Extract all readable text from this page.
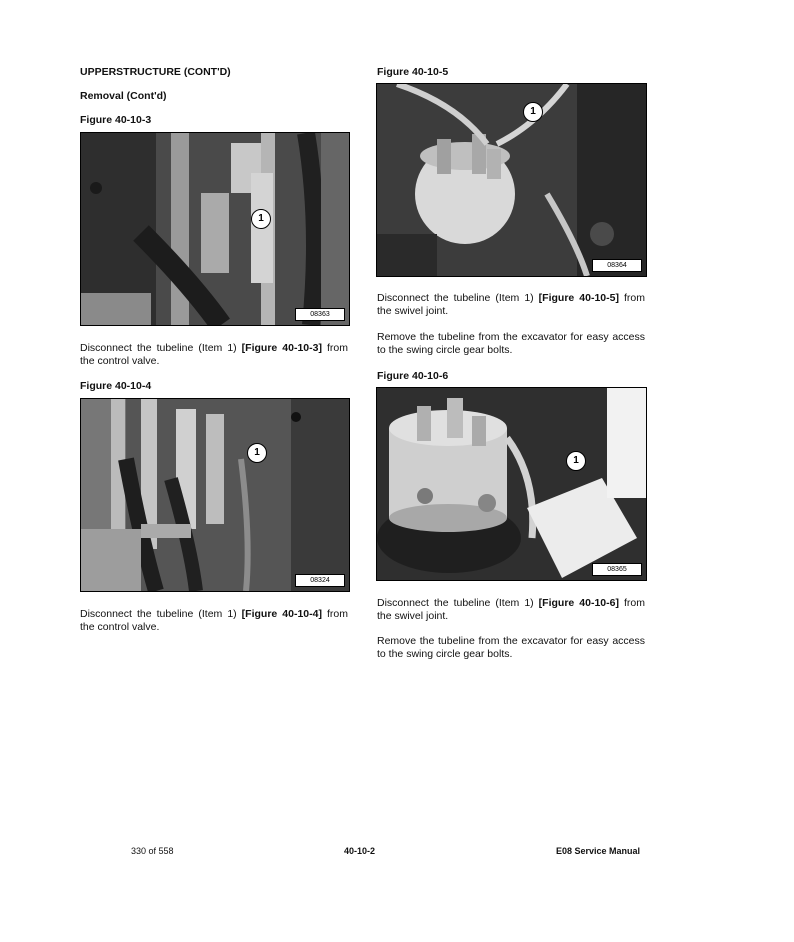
UPPERSTRUCTURE (CONT'D)
Removal (Cont'd)
Figure 40-10-3
1
08363
Disconnect the tubeline (Item 1) [Figure 40-10-3] from the control valve.
Figure 40-10-4
1
08324
Disconnect the tubeline (Item 1) [Figure 40-10-4] from the control valve.
Figure 40-10-5
1
08364
Disconnect the tubeline (Item 1) [Figure 40-10-5] from the swivel joint.
Remove the tubeline from the excavator for easy access to the swing circle gear bolts.
Figure 40-10-6
1
08365
Disconnect the tubeline (Item 1) [Figure 40-10-6] from the swivel joint.
Remove the tubeline from the excavator for easy access to the swing circle gear bolts.
330 of 558	40-10-2	E08 Service Manual
